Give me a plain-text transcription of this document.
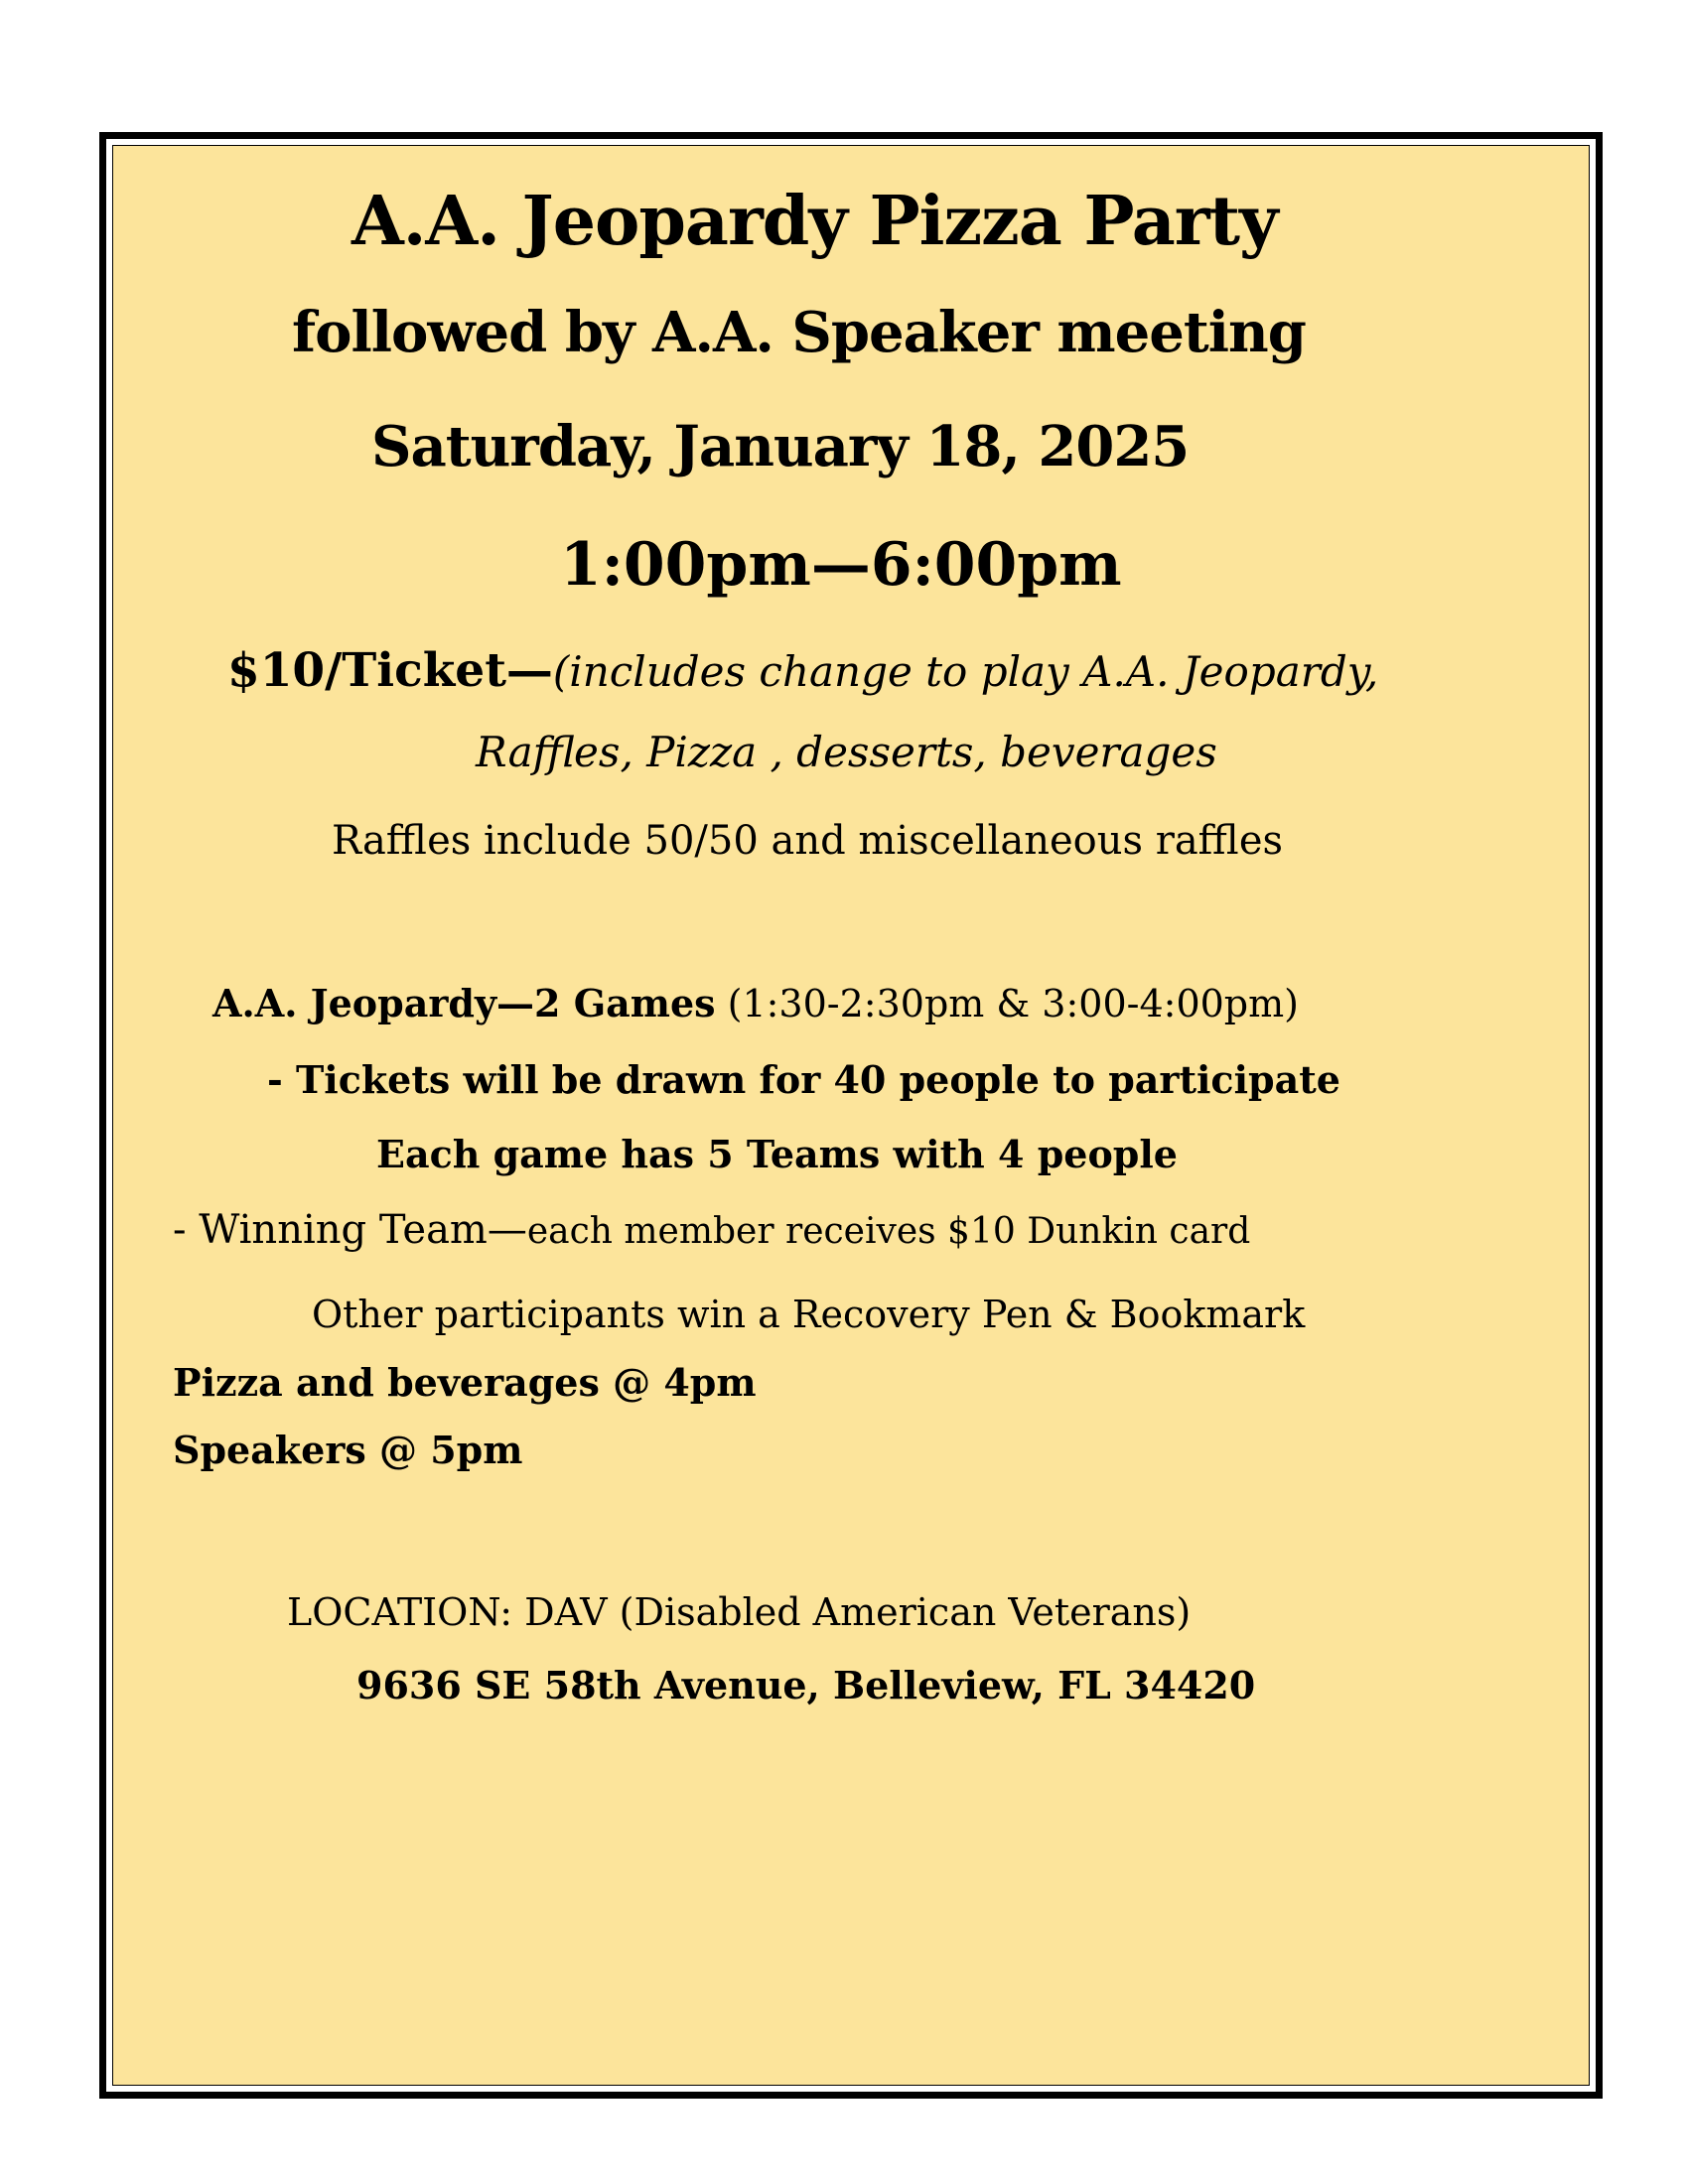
A.A. Jeopardy Pizza Party
followed by A.A. Speaker meeting
Saturday, January 18, 2025
1:00pm—6:00pm
$10/Ticket—(includes change to play A.A. Jeopardy,
Raffles, Pizza , desserts, beverages
Raffles include 50/50 and miscellaneous raffles
A.A. Jeopardy—2 Games (1:30-2:30pm & 3:00-4:00pm)
- Tickets will be drawn for 40 people to participate
Each game has 5 Teams with 4 people
- Winning Team—each member receives $10 Dunkin card
Other participants win a Recovery Pen & Bookmark
Pizza and beverages @ 4pm
Speakers @ 5pm
LOCATION: DAV (Disabled American Veterans)
9636 SE 58th Avenue, Belleview, FL 34420
